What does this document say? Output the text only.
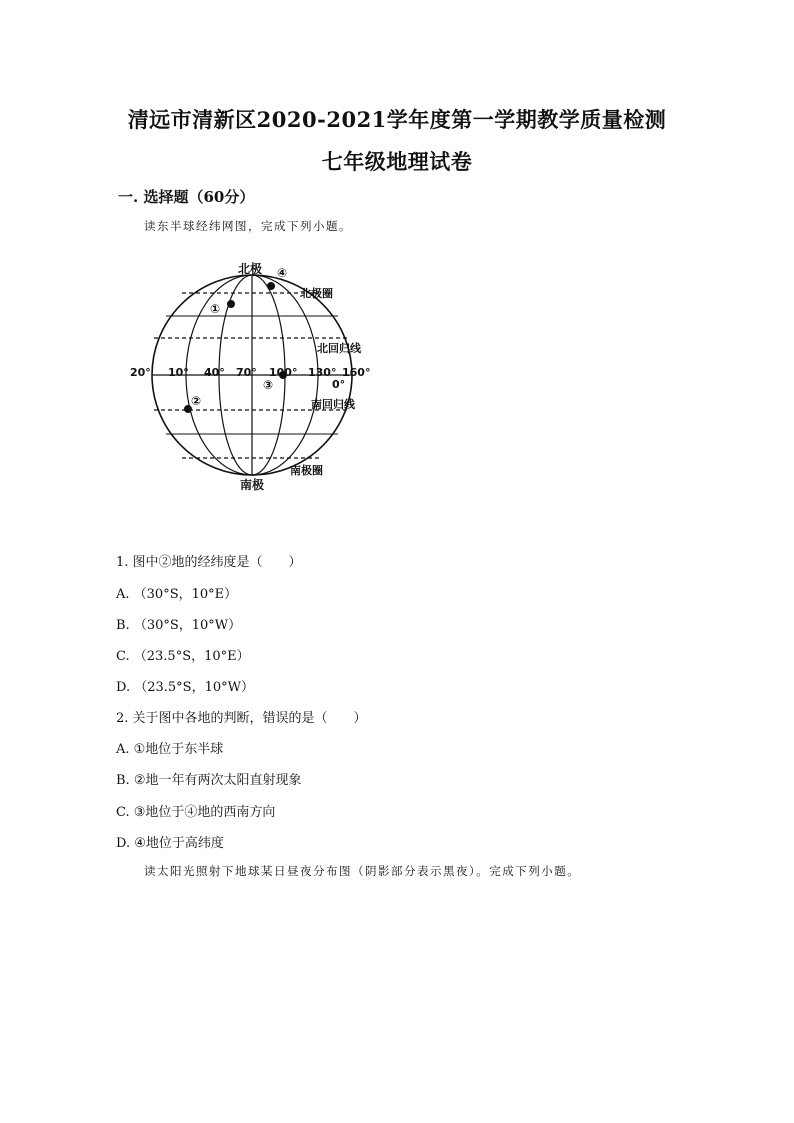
清远市清新区2020-2021学年度第一学期教学质量检测
七年级地理试卷
一. 选择题（60分）
读东半球经纬网图，完成下列小题。
北极
南极
北极圈
南极圈
北回归线
南回归线
0°
20° 10° 40° 70° 100° 130° 160°
①
②
③
④
1. 图中②地的经纬度是（　　）
A. （30°S，10°E）
B. （30°S，10°W）
C. （23.5°S，10°E）
D. （23.5°S，10°W）
2. 关于图中各地的判断，错误的是（　　）
A. ①地位于东半球
B. ②地一年有两次太阳直射现象
C. ③地位于④地的西南方向
D. ④地位于高纬度
读太阳光照射下地球某日昼夜分布图（阴影部分表示黑夜）。完成下列小题。
